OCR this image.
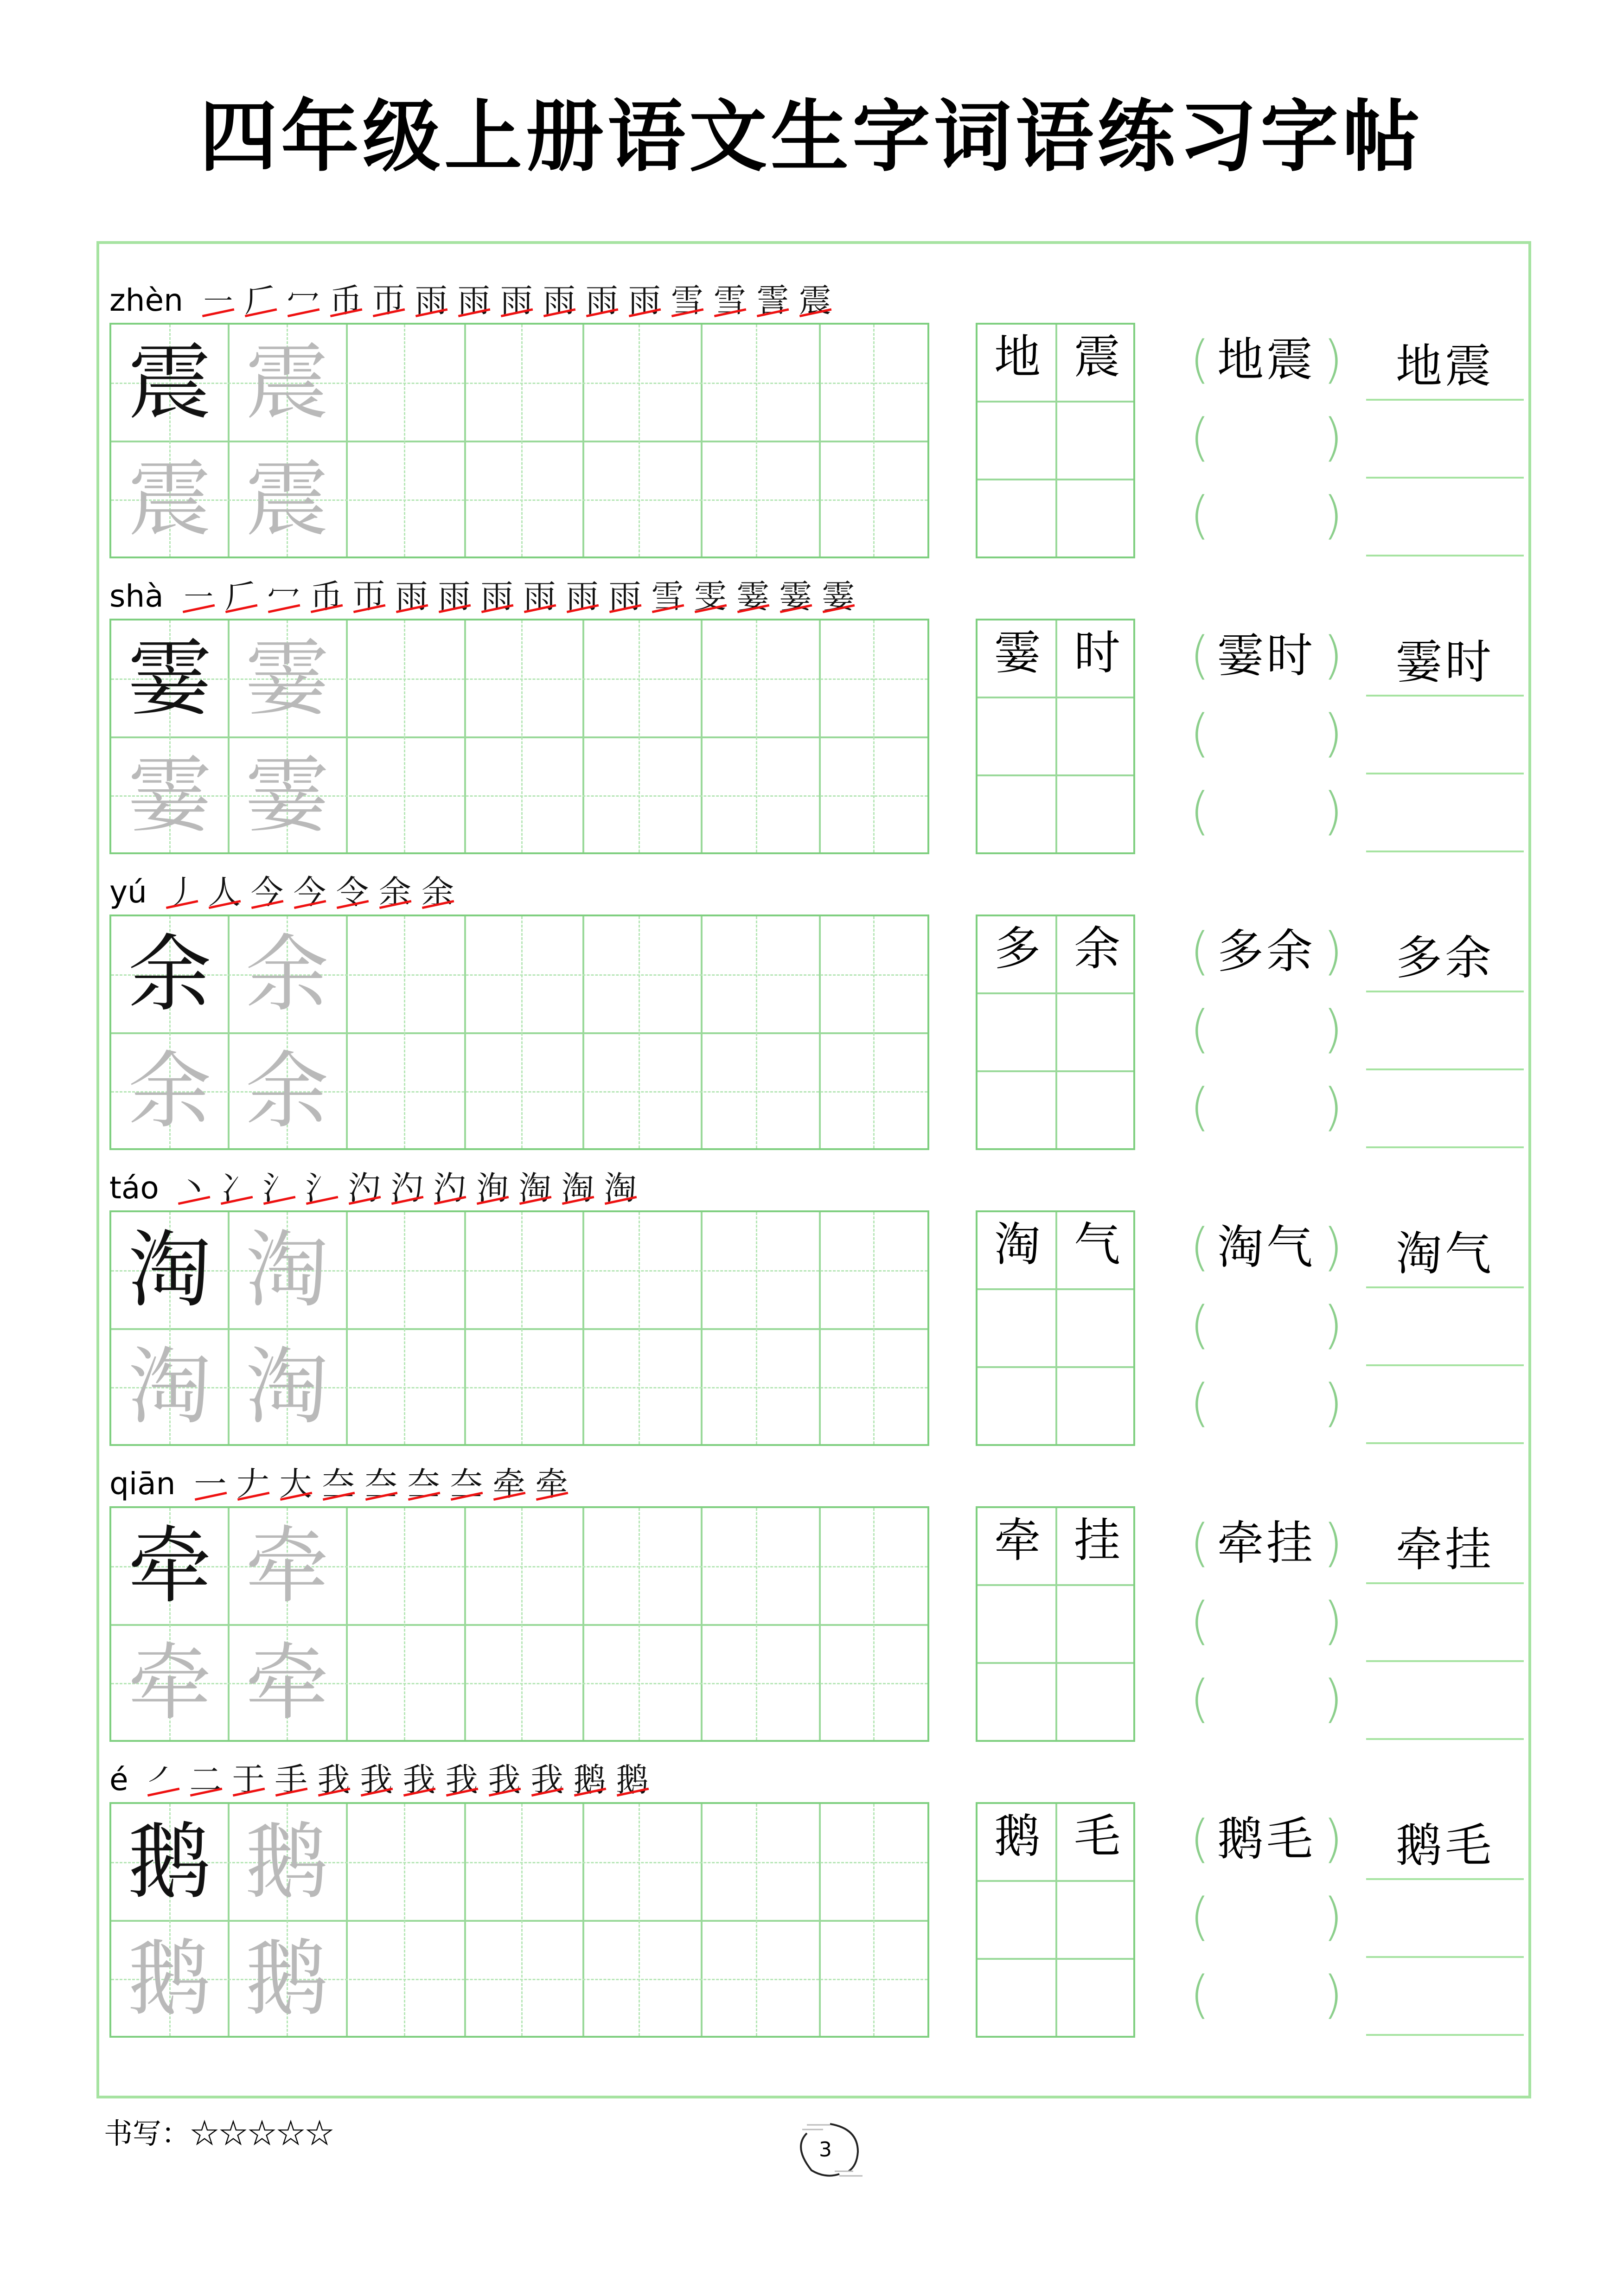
四年级上册语文生字词语练习字帖
zhèn ㇐ 𠂆 冖 币 帀 雨 雨 雨 雨 雨 雨 雪 雪 霅 震
震 震
震 震
地 震 ( )
地震
( )
( )
地震
shà ㇐ 𠂆 冖 币 帀 雨 雨 雨 雨 雨 雨 雪 雯 霎 霎 霎
霎 霎
霎 霎
霎 时 ( )
霎时
( )
( )
霎时
yú 丿 人 今 今 令 余 余
余 余
余 余
多 余 ( )
多余
( )
( )
多余
táo 丶 冫 氵 氵 汋 汋 汋 洵 淘 淘 淘
淘 淘
淘 淘
淘 气 ( )
淘气
( )
( )
淘气
qiān 一 𠂇 大 夳 夳 夳 夳 牵 牵
牵 牵
牵 牵
牵 挂 ( )
牵挂
( )
( )
牵挂
é ㇒ 二 于 手 我 我 我 我 我 我 鹅 鹅
鹅 鹅
鹅 鹅
鹅 毛 ( )
鹅毛
( )
( )
鹅毛
书写：☆☆☆☆☆	3
